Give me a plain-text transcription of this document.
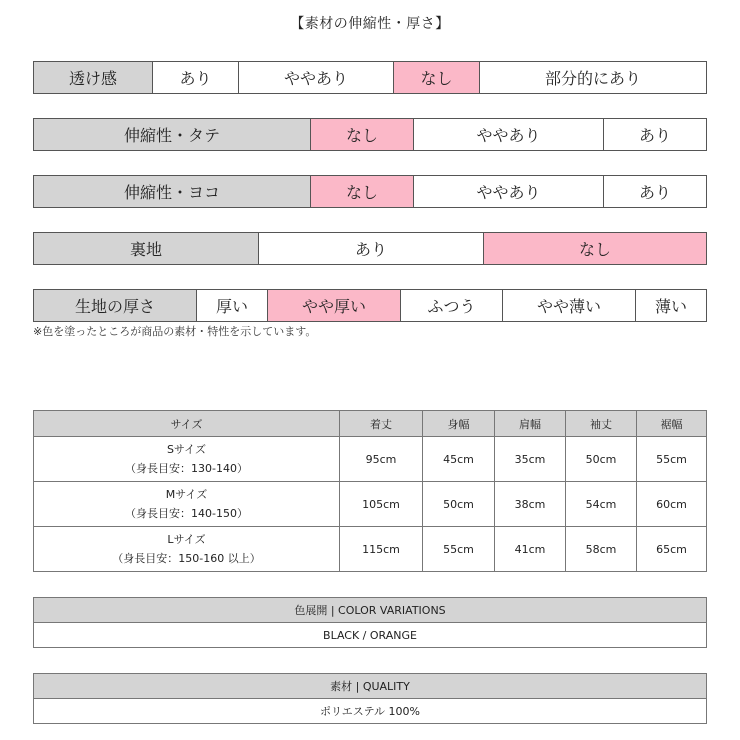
【素材の伸縮性・厚さ】
透け感	あり	ややあり	なし	部分的にあり
伸縮性・タテ	なし	ややあり	あり
伸縮性・ヨコ	なし	ややあり	あり
裏地	あり	なし
生地の厚さ	厚い	やや厚い	ふつう	やや薄い	薄い
※色を塗ったところが商品の素材・特性を示しています。
サイズ	着丈	身幅	肩幅	袖丈	裾幅

Sサイズ
（身長目安：130-140）	95cm	45cm	35cm	50cm	55cm

Mサイズ
（身長目安：140-150）	105cm	50cm	38cm	54cm	60cm

Lサイズ
（身長目安：150-160 以上）	115cm	55cm	41cm	58cm	65cm
色展開 | COLOR VARIATIONS
BLACK / ORANGE
素材 | QUALITY
ポリエステル 100%
